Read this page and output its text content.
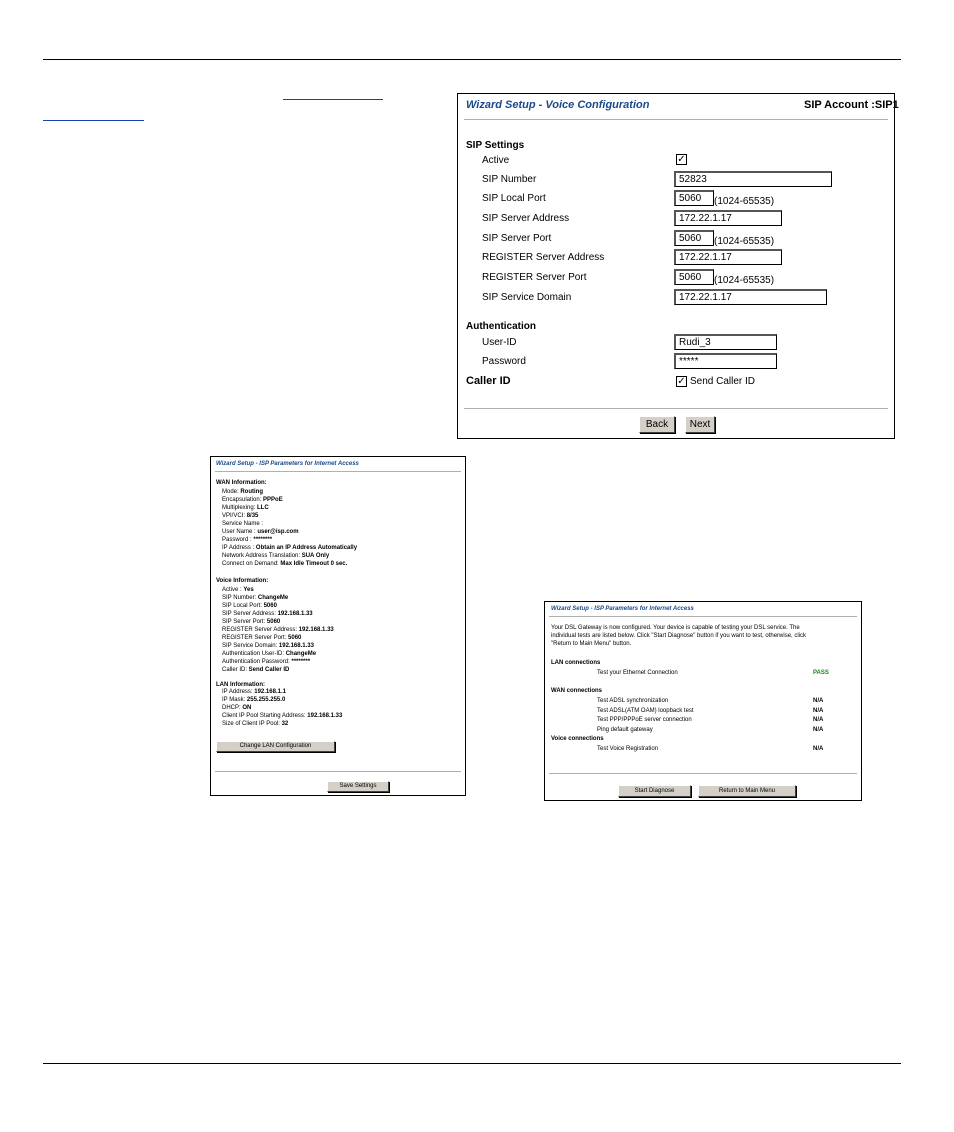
Wizard Setup - Voice Configuration	SIP Account :SIP1
SIP Settings
Active	✓
SIP Number	52823
SIP Local Port	5060	(1024-65535)
SIP Server Address	172.22.1.17
SIP Server Port	5060	(1024-65535)
REGISTER Server Address	172.22.1.17
REGISTER Server Port	5060	(1024-65535)
SIP Service Domain	172.22.1.17
Authentication
User-ID	Rudi_3
Password	*****
Caller ID	✓ Send Caller ID
Back	Next
Wizard Setup - ISP Parameters for Internet Access
WAN Information:
Mode: Routing
Encapsulation: PPPoE
Multiplexing: LLC
VPI/VCI: 8/35
Service Name :
User Name : user@isp.com
Password : ********
IP Address : Obtain an IP Address Automatically
Network Address Translation: SUA Only
Connect on Demand: Max Idle Timeout 0 sec.
Voice Information:
Active : Yes
SIP Number: ChangeMe
SIP Local Port: 5060
SIP Server Address: 192.168.1.33
SIP Server Port: 5060
REGISTER Server Address: 192.168.1.33
REGISTER Server Port: 5060
SIP Service Domain: 192.168.1.33
Authentication User-ID: ChangeMe
Authentication Password: ********
Caller ID: Send Caller ID
LAN Information:
IP Address: 192.168.1.1
IP Mask: 255.255.255.0
DHCP: ON
Client IP Pool Starting Address: 192.168.1.33
Size of Client IP Pool: 32
Change LAN Configuration
Save Settings
Wizard Setup - ISP Parameters for Internet Access
Your DSL Gateway is now configured. Your device is capable of testing your DSL service. The
individual tests are listed below. Click "Start Diagnose" button if you want to test, otherwise, click
"Return to Main Menu" button.
LAN connections
Test your Ethernet Connection	PASS
WAN connections
Test ADSL synchronization	N/A
Test ADSL(ATM OAM) loopback test	N/A
Test PPP/PPPoE server connection	N/A
Ping default gateway	N/A
Voice connections
Test Voice Registration	N/A
Start Diagnose	Return to Main Menu
